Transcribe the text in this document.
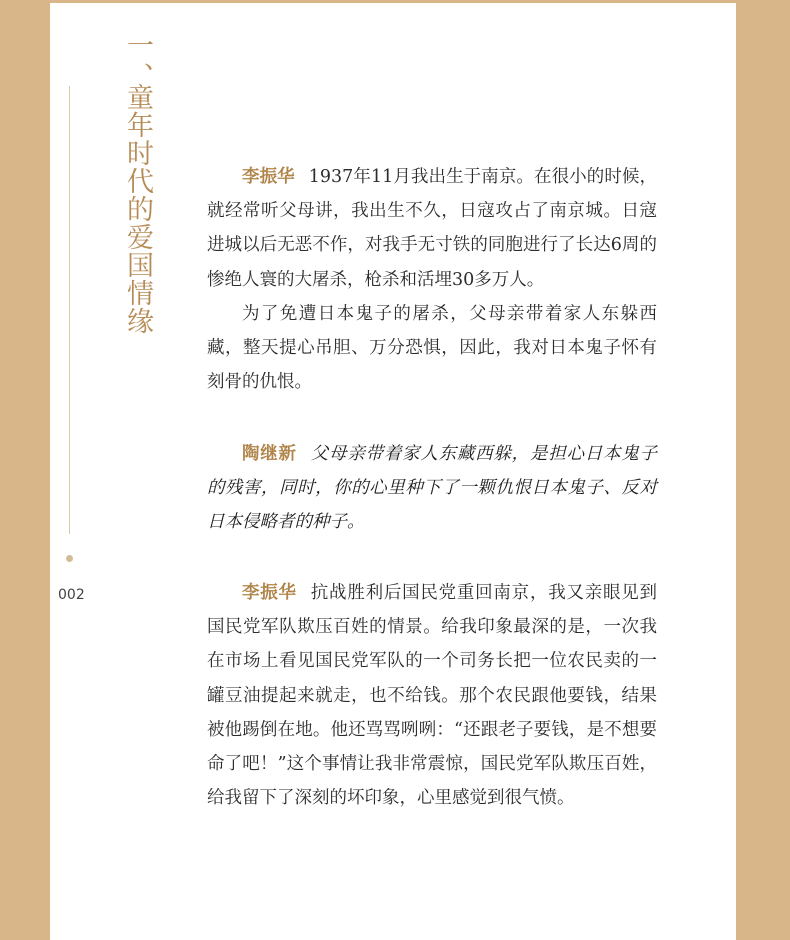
一、
童年时代的爱国情缘
002

李振华 1937年11月我出生于南京。在很小的时候，就经常听父母讲，我出生不久，日寇攻占了南京城。日寇进城以后无恶不作，对我手无寸铁的同胞进行了长达6周的惨绝人寰的大屠杀，枪杀和活埋30多万人。

为了免遭日本鬼子的屠杀，父母亲带着家人东躲西藏，整天提心吊胆、万分恐惧，因此，我对日本鬼子怀有刻骨的仇恨。

陶继新 父母亲带着家人东藏西躲，是担心日本鬼子的残害，同时，你的心里种下了一颗仇恨日本鬼子、反对日本侵略者的种子。

李振华 抗战胜利后国民党重回南京，我又亲眼见到国民党军队欺压百姓的情景。给我印象最深的是，一次我在市场上看见国民党军队的一个司务长把一位农民卖的一罐豆油提起来就走，也不给钱。那个农民跟他要钱，结果被他踢倒在地。他还骂骂咧咧：“还跟老子要钱，是不想要命了吧！”这个事情让我非常震惊，国民党军队欺压百姓，给我留下了深刻的坏印象，心里感觉到很气愤。
